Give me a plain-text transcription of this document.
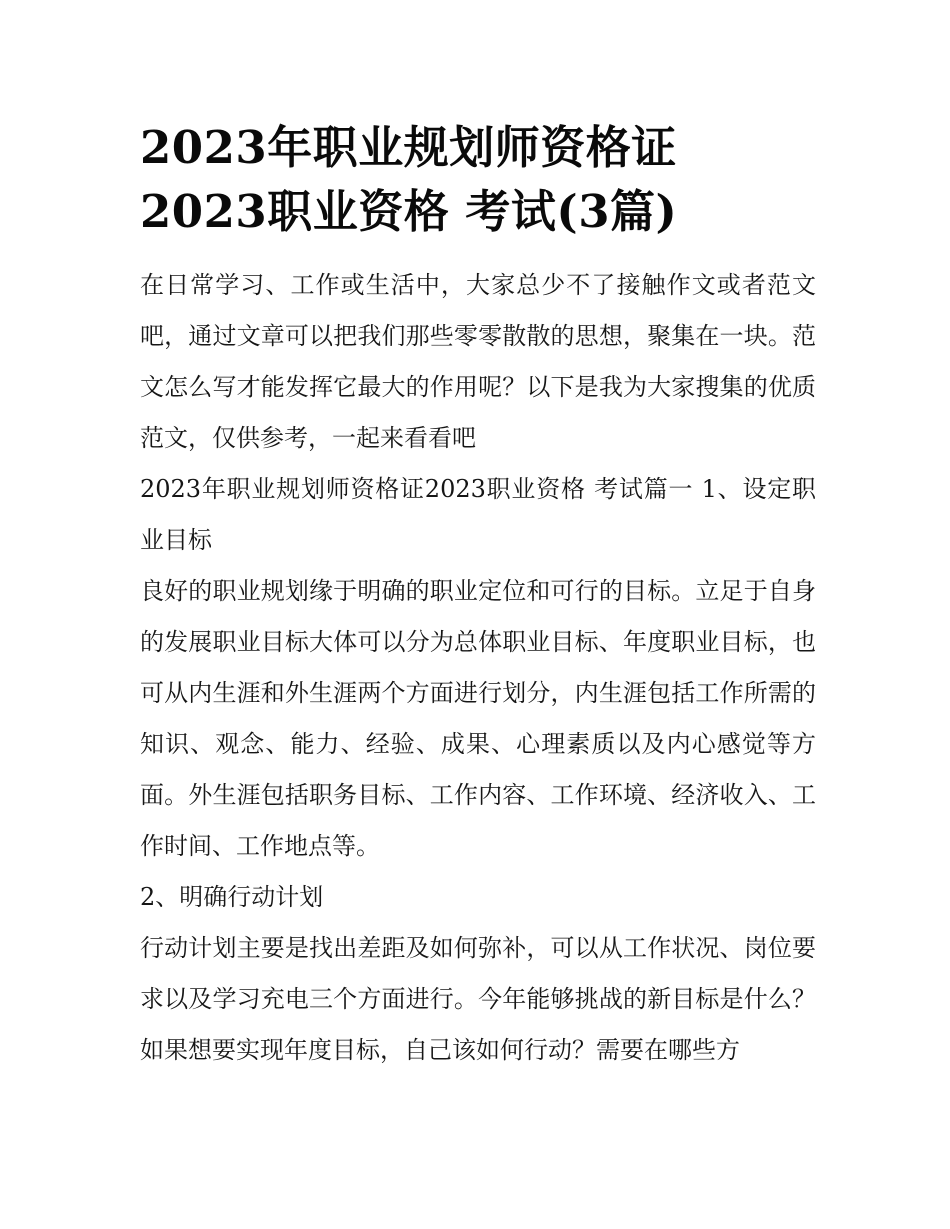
2023年职业规划师资格证
2023职业资格 考试(3篇)

在日常学习、工作或生活中，大家总少不了接触作文或者范文吧，通过文章可以把我们那些零零散散的思想，聚集在一块。范文怎么写才能发挥它最大的作用呢？以下是我为大家搜集的优质范文，仅供参考，一起来看看吧

2023年职业规划师资格证2023职业资格 考试篇一 1、设定职业目标

良好的职业规划缘于明确的职业定位和可行的目标。立足于自身的发展职业目标大体可以分为总体职业目标、年度职业目标，也可从内生涯和外生涯两个方面进行划分，内生涯包括工作所需的知识、观念、能力、经验、成果、心理素质以及内心感觉等方面。外生涯包括职务目标、工作内容、工作环境、经济收入、工作时间、工作地点等。

2、明确行动计划

行动计划主要是找出差距及如何弥补，可以从工作状况、岗位要求以及学习充电三个方面进行。今年能够挑战的新目标是什么？如果想要实现年度目标，自己该如何行动？需要在哪些方
